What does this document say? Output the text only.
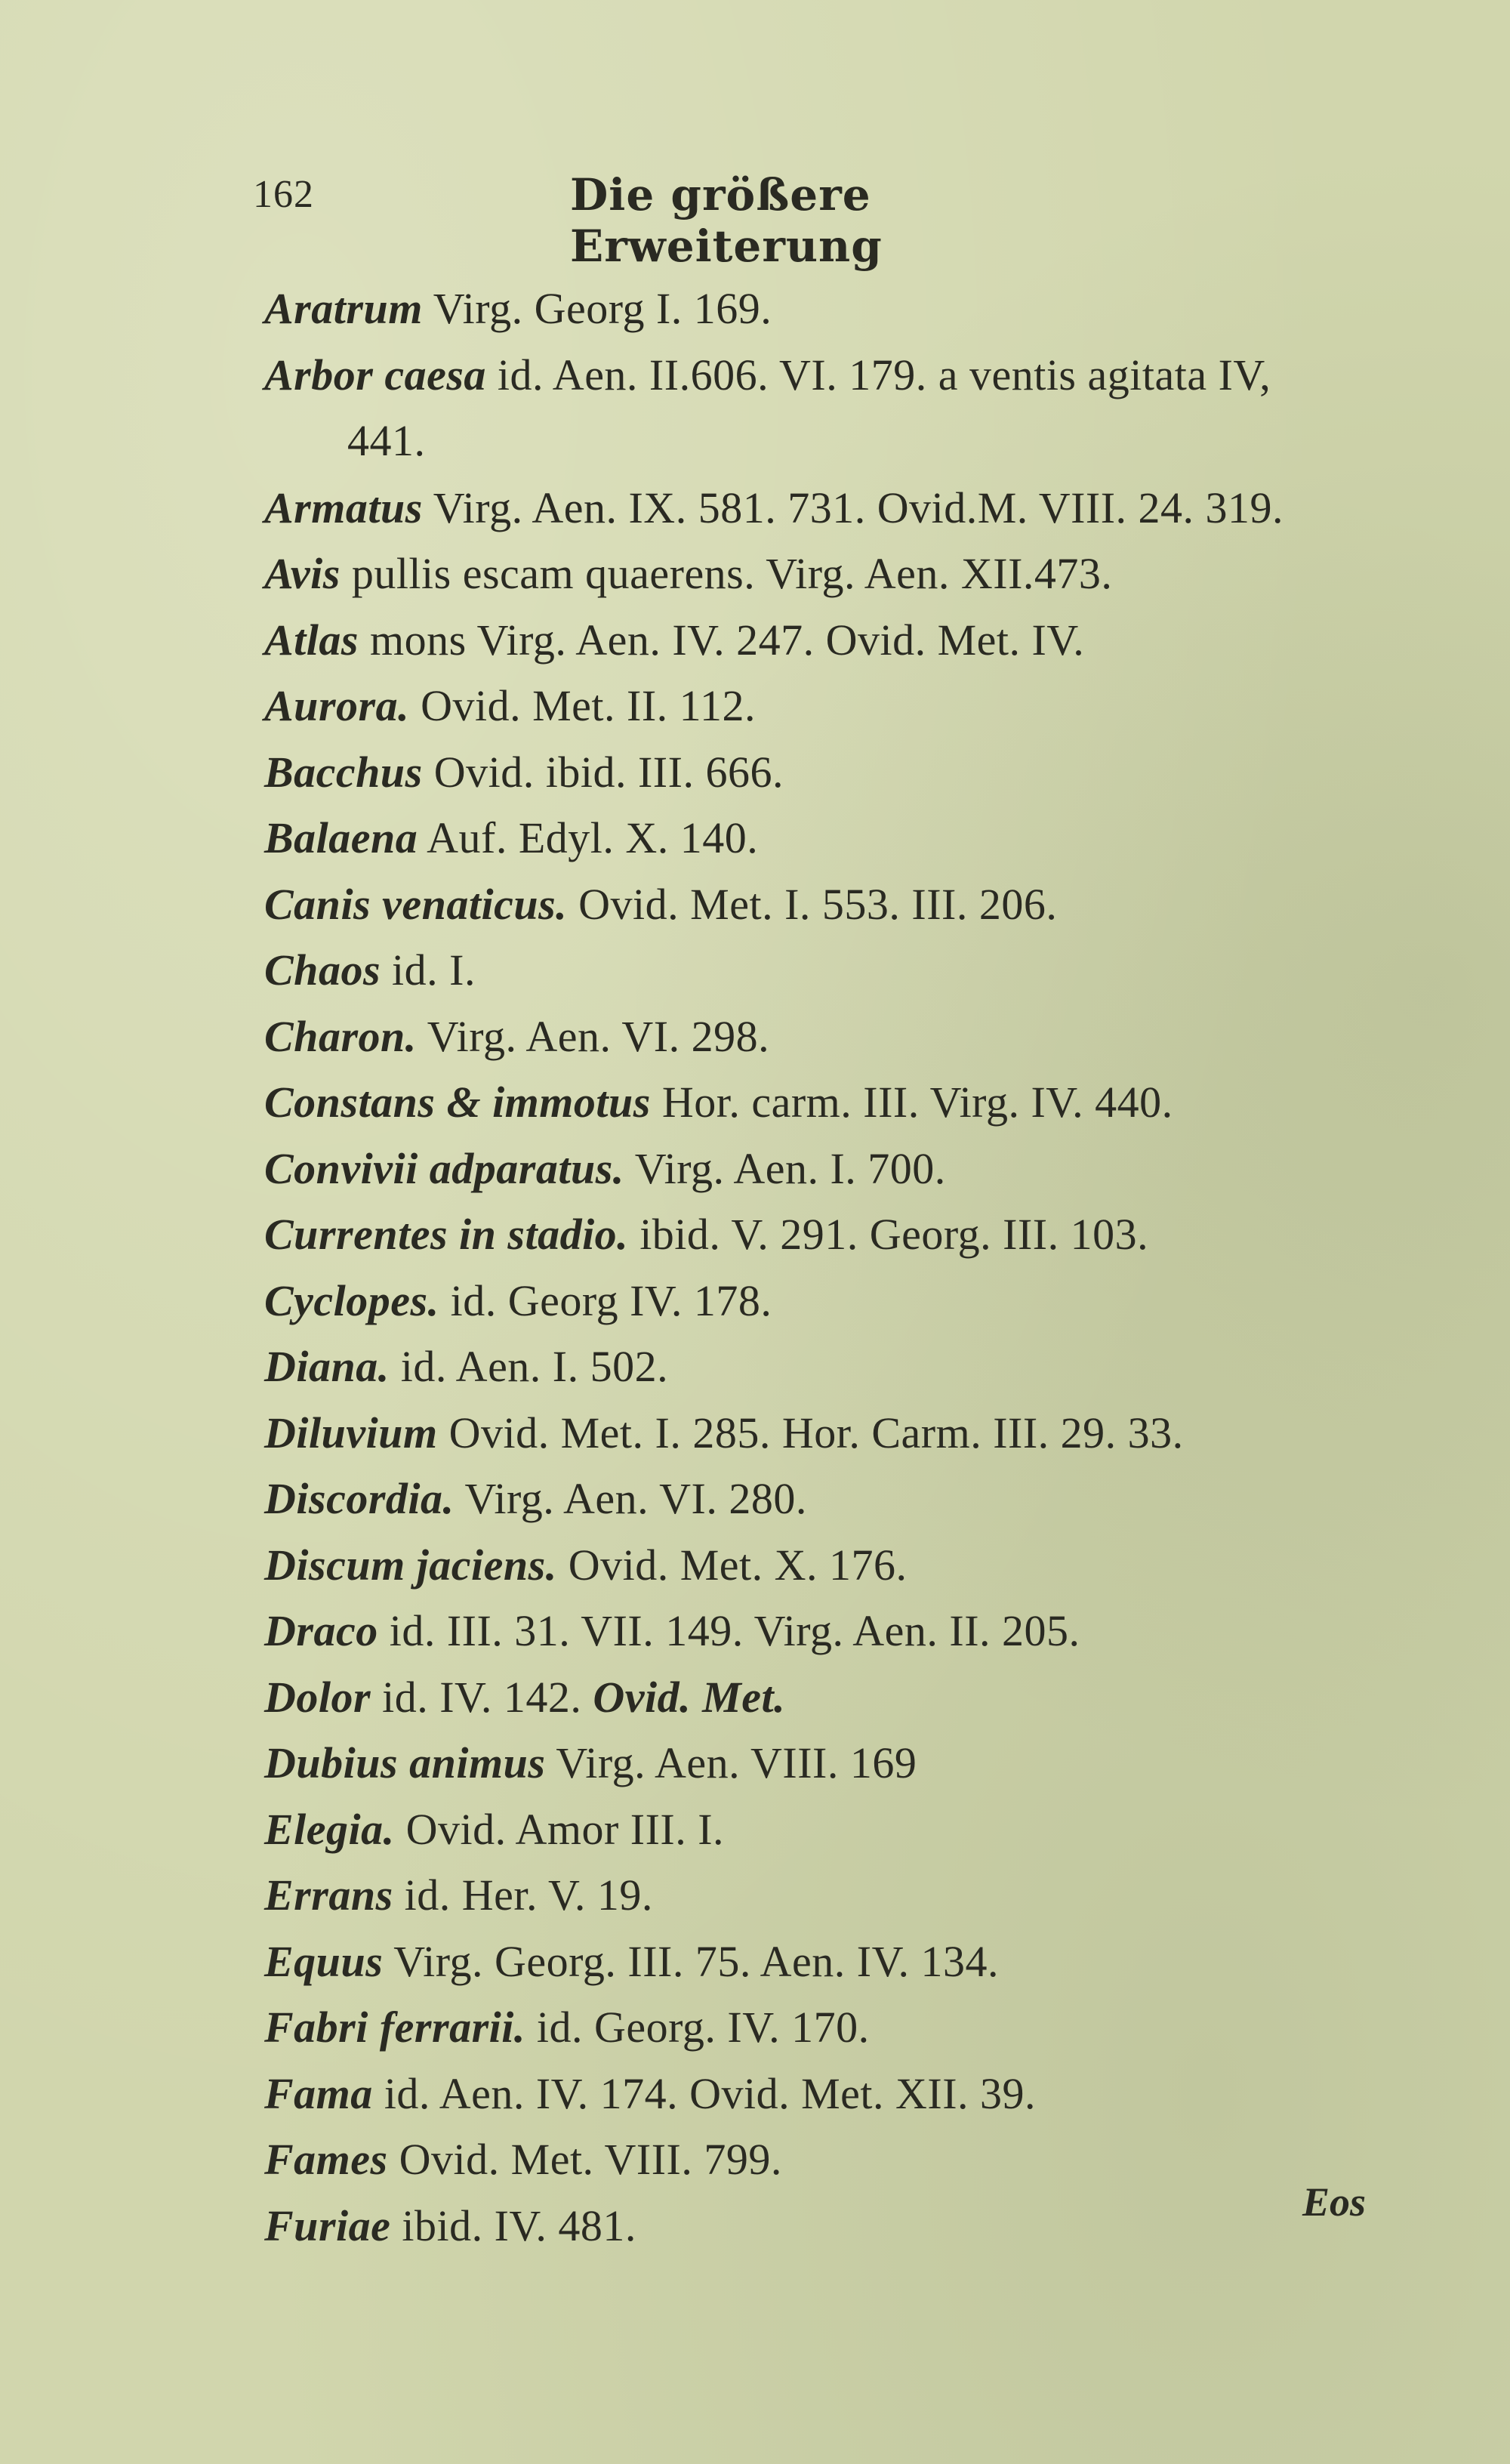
162	Die größere Erweiterung
Aratrum Virg. Georg I. 169.
Arbor caesa id. Aen. II.606. VI. 179. a ventis agitata IV,
441.
Armatus Virg. Aen. IX. 581. 731. Ovid.M. VIII. 24. 319.
Avis pullis escam quaerens. Virg. Aen. XII.473.
Atlas mons Virg. Aen. IV. 247. Ovid. Met. IV.
Aurora. Ovid. Met. II. 112.
Bacchus Ovid. ibid. III. 666.
Balaena Auf. Edyl. X. 140.
Canis venaticus. Ovid. Met. I. 553. III. 206.
Chaos id. I.
Charon. Virg. Aen. VI. 298.
Constans & immotus Hor. carm. III. Virg. IV. 440.
Convivii adparatus. Virg. Aen. I. 700.
Currentes in stadio. ibid. V. 291. Georg. III. 103.
Cyclopes. id. Georg IV. 178.
Diana. id. Aen. I. 502.
Diluvium Ovid. Met. I. 285. Hor. Carm. III. 29. 33.
Discordia. Virg. Aen. VI. 280.
Discum jaciens. Ovid. Met. X. 176.
Draco id. III. 31. VII. 149. Virg. Aen. II. 205.
Dolor id. IV. 142. Ovid. Met.
Dubius animus Virg. Aen. VIII. 169
Elegia. Ovid. Amor III. I.
Errans id. Her. V. 19.
Equus Virg. Georg. III. 75. Aen. IV. 134.
Fabri ferrarii. id. Georg. IV. 170.
Fama id. Aen. IV. 174. Ovid. Met. XII. 39.
Fames Ovid. Met. VIII. 799.
Furiae ibid. IV. 481.	Eos
